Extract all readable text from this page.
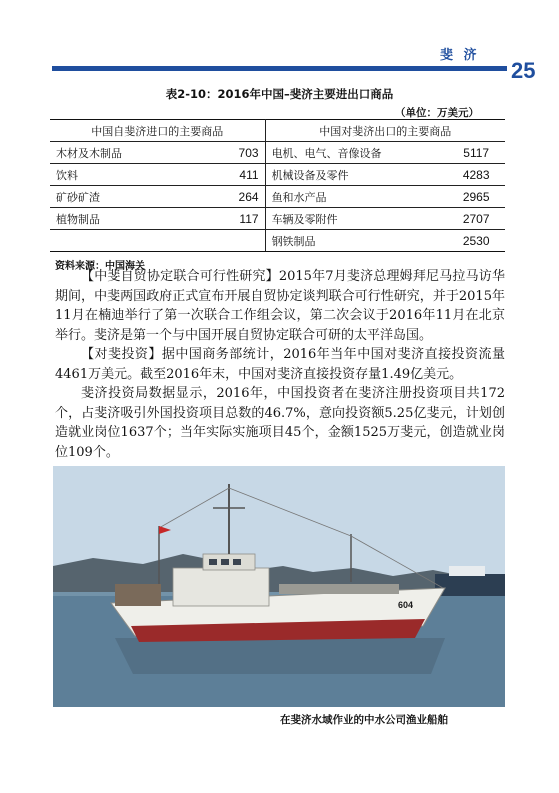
斐 济
25
表2-10：2016年中国–斐济主要进出口商品
（单位：万美元）
中国自斐济进口的主要商品		中国对斐济出口的主要商品	
木材及木制品	703	电机、电气、音像设备	5117
饮料	411	机械设备及零件	4283
矿砂矿渣	264	鱼和水产品	2965
植物制品	117	车辆及零附件	2707
		钢铁制品	2530
资料来源：中国海关

【中斐自贸协定联合可行性研究】2015年7月斐济总理姆拜尼马拉马访华期间，中斐两国政府正式宣布开展自贸协定谈判联合可行性研究，并于2015年11月在楠迪举行了第一次联合工作组会议，第二次会议于2016年11月在北京举行。斐济是第一个与中国开展自贸协定联合可研的太平洋岛国。

【对斐投资】据中国商务部统计，2016年当年中国对斐济直接投资流量4461万美元。截至2016年末，中国对斐济直接投资存量1.49亿美元。

斐济投资局数据显示，2016年，中国投资者在斐济注册投资项目共172个，占斐济吸引外国投资项目总数的46.7%，意向投资额5.25亿斐元，计划创造就业岗位1637个；当年实际实施项目45个，金额1525万斐元，创造就业岗位109个。

604
在斐济水域作业的中水公司渔业船舶
